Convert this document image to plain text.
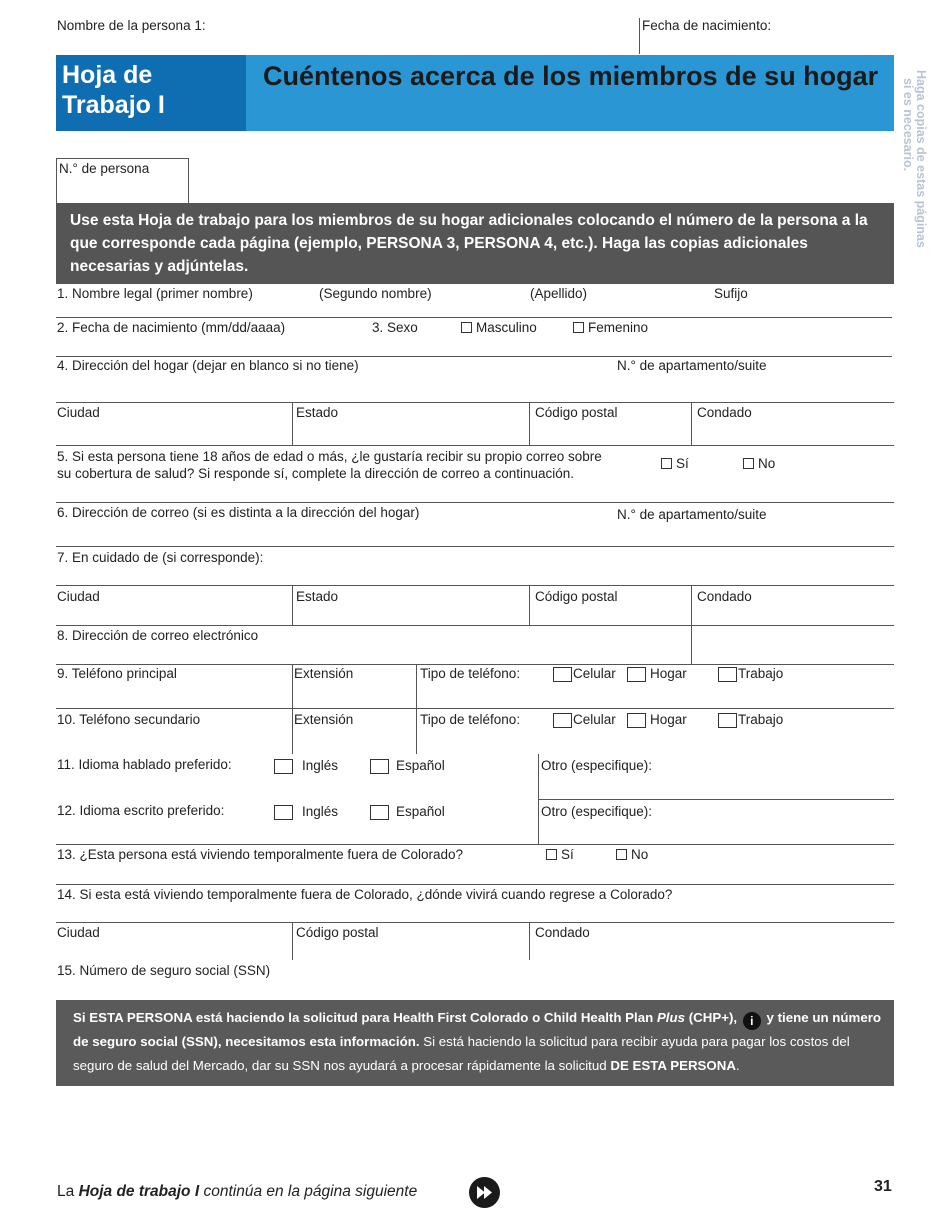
Nombre de la persona 1:	Fecha de nacimiento:
Hoja de Trabajo I
Cuéntenos acerca de los miembros de su hogar	Haga copias de estas páginas
si es necesario.
N.° de persona
Use esta Hoja de trabajo para los miembros de su hogar adicionales colocando el número de la persona a la que corresponde cada página (ejemplo, PERSONA 3, PERSONA 4, etc.). Haga las copias adicionales necesarias y adjúntelas.
1. Nombre legal (primer nombre)	(Segundo nombre)	(Apellido)	Sufijo
2. Fecha de nacimiento (mm/dd/aaaa)	3. Sexo	Masculino	Femenino
4. Dirección del hogar (dejar en blanco si no tiene)	N.° de apartamento/suite
Ciudad	Estado	Código postal	Condado
5. Si esta persona tiene 18 años de edad o más, ¿le gustaría recibir su propio correo sobre su cobertura de salud? Si responde sí, complete la dirección de correo a continuación.
Sí	No
6. Dirección de correo (si es distinta a la dirección del hogar)	N.° de apartamento/suite
7. En cuidado de (si corresponde):
Ciudad	Estado	Código postal	Condado
8. Dirección de correo electrónico
9. Teléfono principal	Extensión	Tipo de teléfono:	Celular	Hogar	Trabajo
10. Teléfono secundario	Extensión	Tipo de teléfono:	Celular	Hogar	Trabajo
11. Idioma hablado preferido:	Inglés	Español	Otro (especifique):
12. Idioma escrito preferido:	Inglés	Español	Otro (especifique):
13. ¿Esta persona está viviendo temporalmente fuera de Colorado?	Sí	No
14. Si esta está viviendo temporalmente fuera de Colorado, ¿dónde vivirá cuando regrese a Colorado?
Ciudad	Código postal	Condado
15. Número de seguro social (SSN)
Si ESTA PERSONA está haciendo la solicitud para Health First Colorado o Child Health Plan Plus (CHP+), i y tiene un número de seguro social (SSN), necesitamos esta información. Si está haciendo la solicitud para recibir ayuda para pagar los costos del seguro de salud del Mercado, dar su SSN nos ayudará a procesar rápidamente la solicitud DE ESTA PERSONA.
La Hoja de trabajo I continúa en la página siguiente	31
